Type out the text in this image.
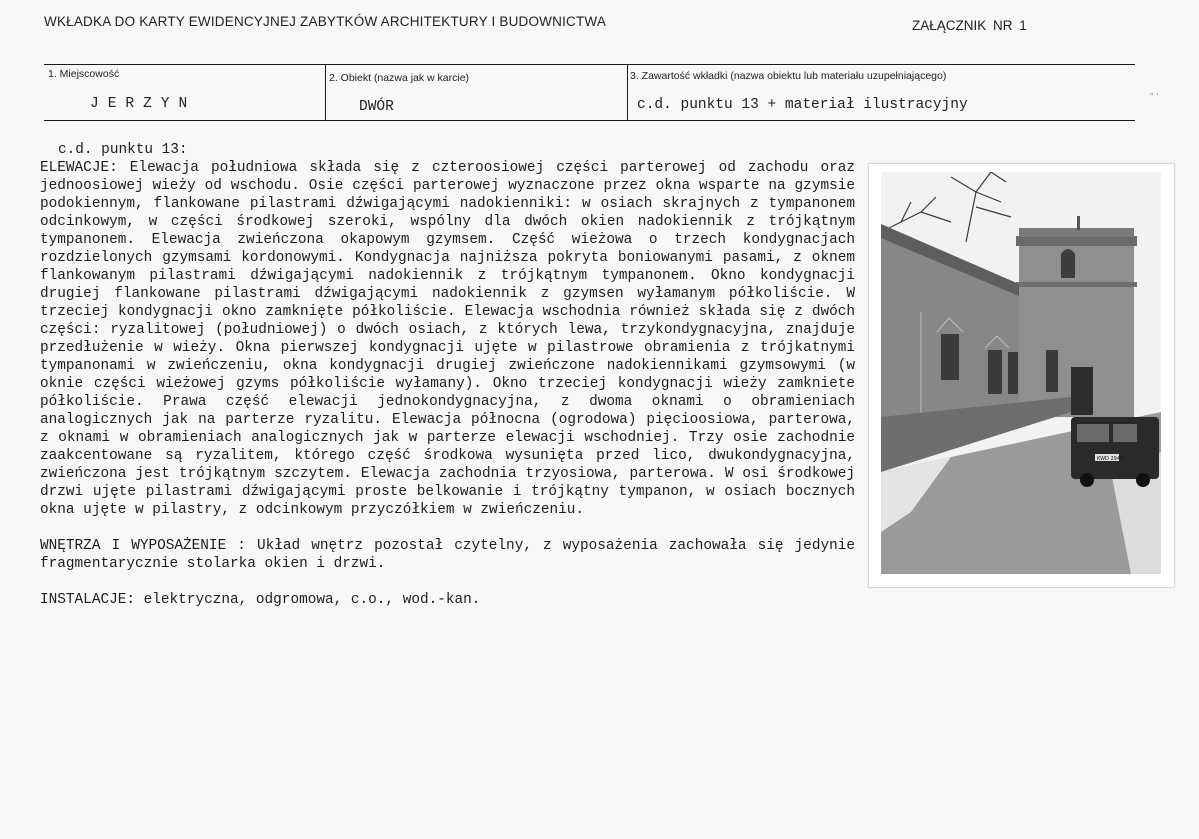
WKŁADKA DO KARTY EWIDENCYJNEJ ZABYTKÓW ARCHITEKTURY I BUDOWNICTWA	ZAŁĄCZNIK NR 1
1. Miejscowość
JERZYN
2. Obiekt (nazwa jak w karcie)
DWÓR
3. Zawartość wkładki (nazwa obiektu lub materiału uzupełniającego)
c.d. punktu 13 + materiał ilustracyjny	" '

c.d. punktu 13:

ELEWACJE: Elewacja południowa składa się z czteroosiowej części parterowej od zachodu oraz jednoosiowej wieży od wschodu. Osie części parterowej wyznaczone przez okna wsparte na gzymsie podokiennym, flankowane pilastrami dźwigającymi nadokienniki: w osiach skrajnych z tympanonem odcinkowym, w części środkowej szeroki, wspólny dla dwóch okien nadokiennik z trójkątnym tympanonem. Elewacja zwieńczona okapowym gzymsem. Część wieżowa o trzech kondygnacjach rozdzielonych gzymsami kordonowymi. Kondygnacja najniższa pokryta boniowanymi pasami, z oknem flankowanym pilastrami dźwigającymi nadokiennik z trójkątnym tympanonem. Okno kondygnacji drugiej flankowane pilastrami dźwigającymi nadokiennik z gzymsen wyłamanym półkoliście. W trzeciej kondygnacji okno zamknięte półkoliście. Elewacja wschodnia również składa się z dwóch części: ryzalitowej (południowej) o dwóch osiach, z których lewa, trzykondygnacyjna, znajduje przedłużenie w wieży. Okna pierwszej kondygnacji ujęte w pilastrowe obramienia z trójkatnymi tympanonami w zwieńczeniu, okna kondygnacji drugiej zwieńczone nadokiennikami gzymsowymi (w oknie części wieżowej gzyms półkoliście wyłamany). Okno trzeciej kondygnacji wieży zamkniete półkoliście. Prawa część elewacji jednokondygnacyjna, z dwoma oknami o obramieniach analogicznych jak na parterze ryzalitu. Elewacja północna (ogrodowa) pięcioosiowa, parterowa, z oknami w obramieniach analogicznych jak w parterze elewacji wschodniej. Trzy osie zachodnie zaakcentowane są ryzalitem, którego część środkowa wysunięta przed lico, dwukondygnacyjna, zwieńczona jest trójkątnym szczytem. Elewacja zachodnia trzyosiowa, parterowa. W osi środkowej drzwi ujęte pilastrami dźwigającymi proste belkowanie i trójkątny tympanon, w osiach bocznych okna ujęte w pilastry, z odcinkowym przyczółkiem w zwieńczeniu.

WNĘTRZA I WYPOSAŻENIE : Układ wnętrz pozostał czytelny, z wyposażenia zachowała się jedynie fragmentarycznie stolarka okien i drzwi.

INSTALACJE: elektryczna, odgromowa, c.o., wod.-kan.

KWD 2944
